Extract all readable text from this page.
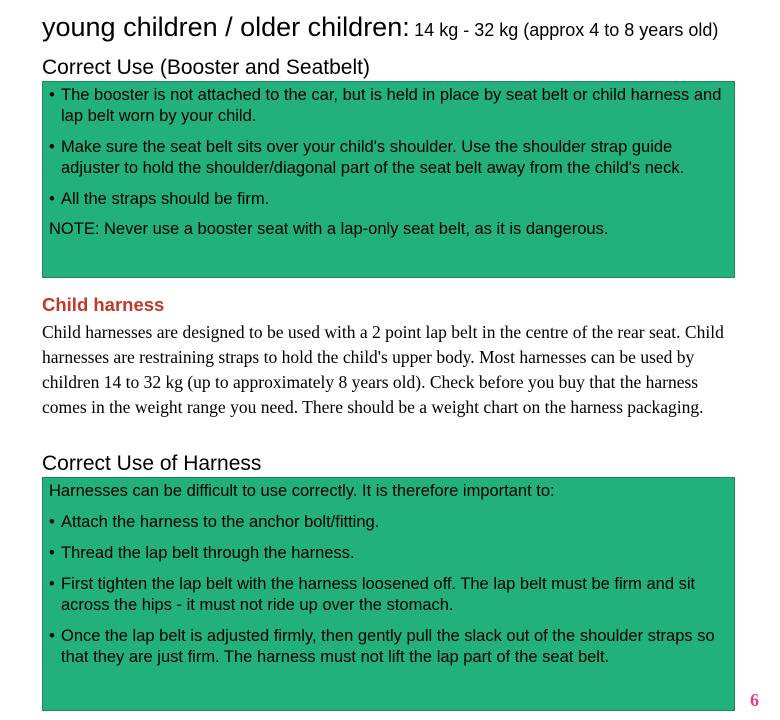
young children / older children: 14 kg - 32 kg (approx 4 to 8 years old)
Correct Use (Booster and Seatbelt)

• The booster is not attached to the car, but is held in place by seat belt or child harness and lap belt worn by your child.

• Make sure the seat belt sits over your child's shoulder. Use the shoulder strap guide adjuster to hold the shoulder/diagonal part of the seat belt away from the child's neck.

• All the straps should be firm.

NOTE: Never use a booster seat with a lap-only seat belt, as it is dangerous.

Child harness

Child harnesses are designed to be used with a 2 point lap belt in the centre of the rear seat. Child harnesses are restraining straps to hold the child's upper body. Most harnesses can be used by children 14 to 32 kg (up to approximately 8 years old). Check before you buy that the harness comes in the weight range you need. There should be a weight chart on the harness packaging.

Correct Use of Harness

Harnesses can be difficult to use correctly. It is therefore important to:

• Attach the harness to the anchor bolt/fitting.

• Thread the lap belt through the harness.

• First tighten the lap belt with the harness loosened off. The lap belt must be firm and sit across the hips - it must not ride up over the stomach.

• Once the lap belt is adjusted firmly, then gently pull the slack out of the shoulder straps so that they are just firm. The harness must not lift the lap part of the seat belt.

6
